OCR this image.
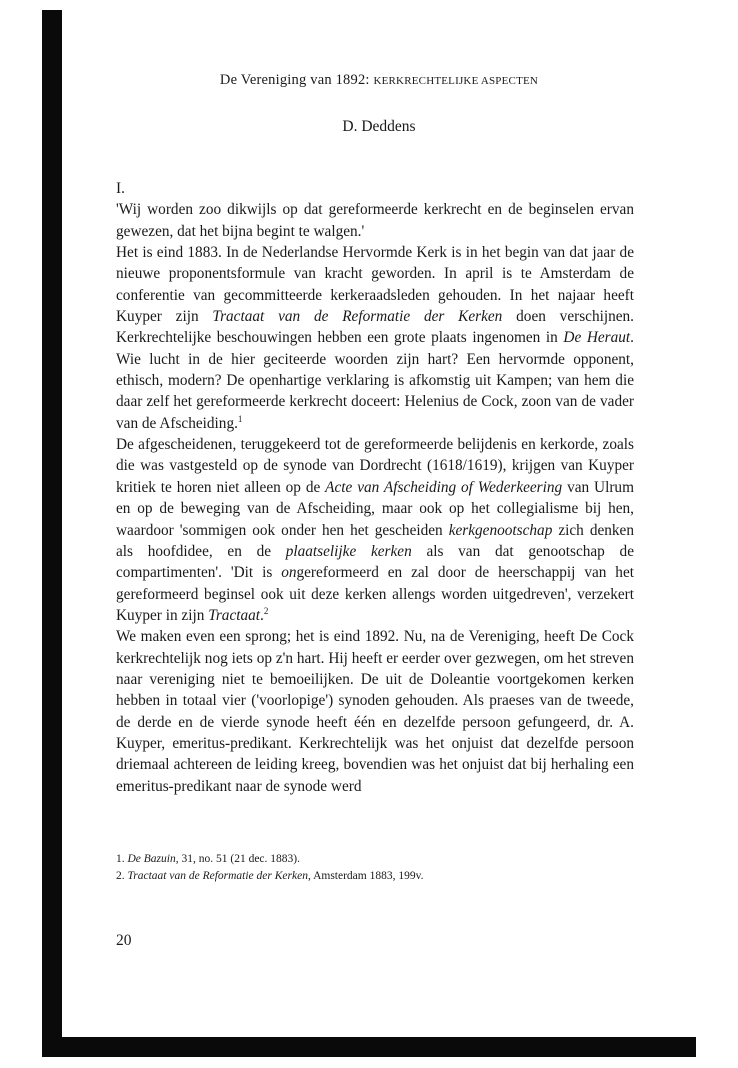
De Vereniging van 1892: KERKRECHTELIJKE ASPECTEN
D. Deddens

I.

'Wij worden zoo dikwijls op dat gereformeerde kerkrecht en de beginselen ervan gewezen, dat het bijna begint te walgen.'

Het is eind 1883. In de Nederlandse Hervormde Kerk is in het begin van dat jaar de nieuwe proponentsformule van kracht geworden. In april is te Amsterdam de conferentie van gecommitteerde kerkeraadsleden gehouden. In het najaar heeft Kuyper zijn Tractaat van de Reformatie der Kerken doen verschijnen. Kerkrechtelijke beschouwingen hebben een grote plaats ingenomen in De Heraut. Wie lucht in de hier geciteerde woorden zijn hart? Een hervormde opponent, ethisch, modern? De openhartige verklaring is afkomstig uit Kampen; van hem die daar zelf het gereformeerde kerkrecht doceert: Helenius de Cock, zoon van de vader van de Afscheiding.$^1$

De afgescheidenen, teruggekeerd tot de gereformeerde belijdenis en kerkorde, zoals die was vastgesteld op de synode van Dordrecht (1618/1619), krijgen van Kuyper kritiek te horen niet alleen op de Acte van Afscheiding of Wederkeering van Ulrum en op de beweging van de Afscheiding, maar ook op het collegialisme bij hen, waardoor 'sommigen ook onder hen het gescheiden kerkgenootschap zich denken als hoofdidee, en de plaatselijke kerken als van dat genootschap de compartimenten'. 'Dit is ongereformeerd en zal door de heerschappij van het gereformeerd beginsel ook uit deze kerken allengs worden uitgedreven', verzekert Kuyper in zijn Tractaat.$^2$

We maken even een sprong; het is eind 1892. Nu, na de Vereniging, heeft De Cock kerkrechtelijk nog iets op z'n hart. Hij heeft er eerder over gezwegen, om het streven naar vereniging niet te bemoeilijken. De uit de Doleantie voortgekomen kerken hebben in totaal vier ('voorlopige') synoden gehouden. Als praeses van de tweede, de derde en de vierde synode heeft één en dezelfde persoon gefungeerd, dr. A. Kuyper, emeritus-predikant. Kerkrechtelijk was het onjuist dat dezelfde persoon driemaal achtereen de leiding kreeg, bovendien was het onjuist dat bij herhaling een emeritus-predikant naar de synode werd

1. De Bazuin, 31, no. 51 (21 dec. 1883).

2. Tractaat van de Reformatie der Kerken, Amsterdam 1883, 199v.

20
